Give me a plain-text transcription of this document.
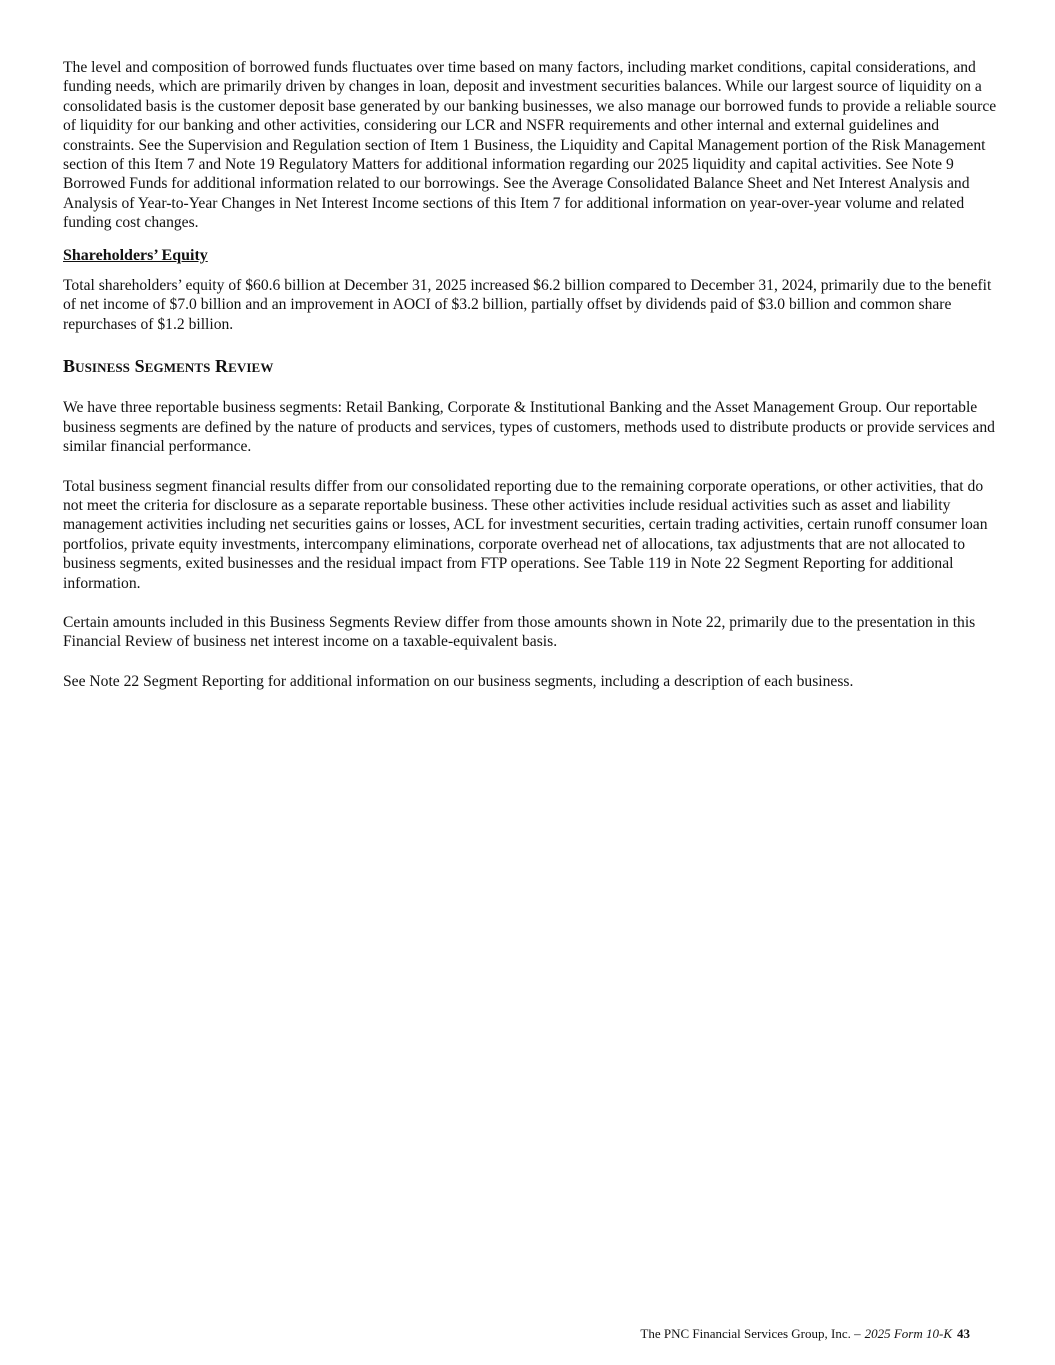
The level and composition of borrowed funds fluctuates over time based on many factors, including market conditions, capital considerations, and funding needs, which are primarily driven by changes in loan, deposit and investment securities balances. While our largest source of liquidity on a consolidated basis is the customer deposit base generated by our banking businesses, we also manage our borrowed funds to provide a reliable source of liquidity for our banking and other activities, considering our LCR and NSFR requirements and other internal and external guidelines and constraints. See the Supervision and Regulation section of Item 1 Business, the Liquidity and Capital Management portion of the Risk Management section of this Item 7 and Note 19 Regulatory Matters for additional information regarding our 2025 liquidity and capital activities. See Note 9 Borrowed Funds for additional information related to our borrowings. See the Average Consolidated Balance Sheet and Net Interest Analysis and Analysis of Year-to-Year Changes in Net Interest Income sections of this Item 7 for additional information on year-over-year volume and related funding cost changes.

Shareholders’ Equity

Total shareholders’ equity of $60.6 billion at December 31, 2025 increased $6.2 billion compared to December 31, 2024, primarily due to the benefit of net income of $7.0 billion and an improvement in AOCI of $3.2 billion, partially offset by dividends paid of $3.0 billion and common share repurchases of $1.2 billion.

Business Segments Review

We have three reportable business segments: Retail Banking, Corporate & Institutional Banking and the Asset Management Group. Our reportable business segments are defined by the nature of products and services, types of customers, methods used to distribute products or provide services and similar financial performance.

Total business segment financial results differ from our consolidated reporting due to the remaining corporate operations, or other activities, that do not meet the criteria for disclosure as a separate reportable business. These other activities include residual activities such as asset and liability management activities including net securities gains or losses, ACL for investment securities, certain trading activities, certain runoff consumer loan portfolios, private equity investments, intercompany eliminations, corporate overhead net of allocations, tax adjustments that are not allocated to business segments, exited businesses and the residual impact from FTP operations. See Table 119 in Note 22 Segment Reporting for additional information.

Certain amounts included in this Business Segments Review differ from those amounts shown in Note 22, primarily due to the presentation in this Financial Review of business net interest income on a taxable-equivalent basis.

See Note 22 Segment Reporting for additional information on our business segments, including a description of each business.

The PNC Financial Services Group, Inc. – 2025 Form 10-K 43
